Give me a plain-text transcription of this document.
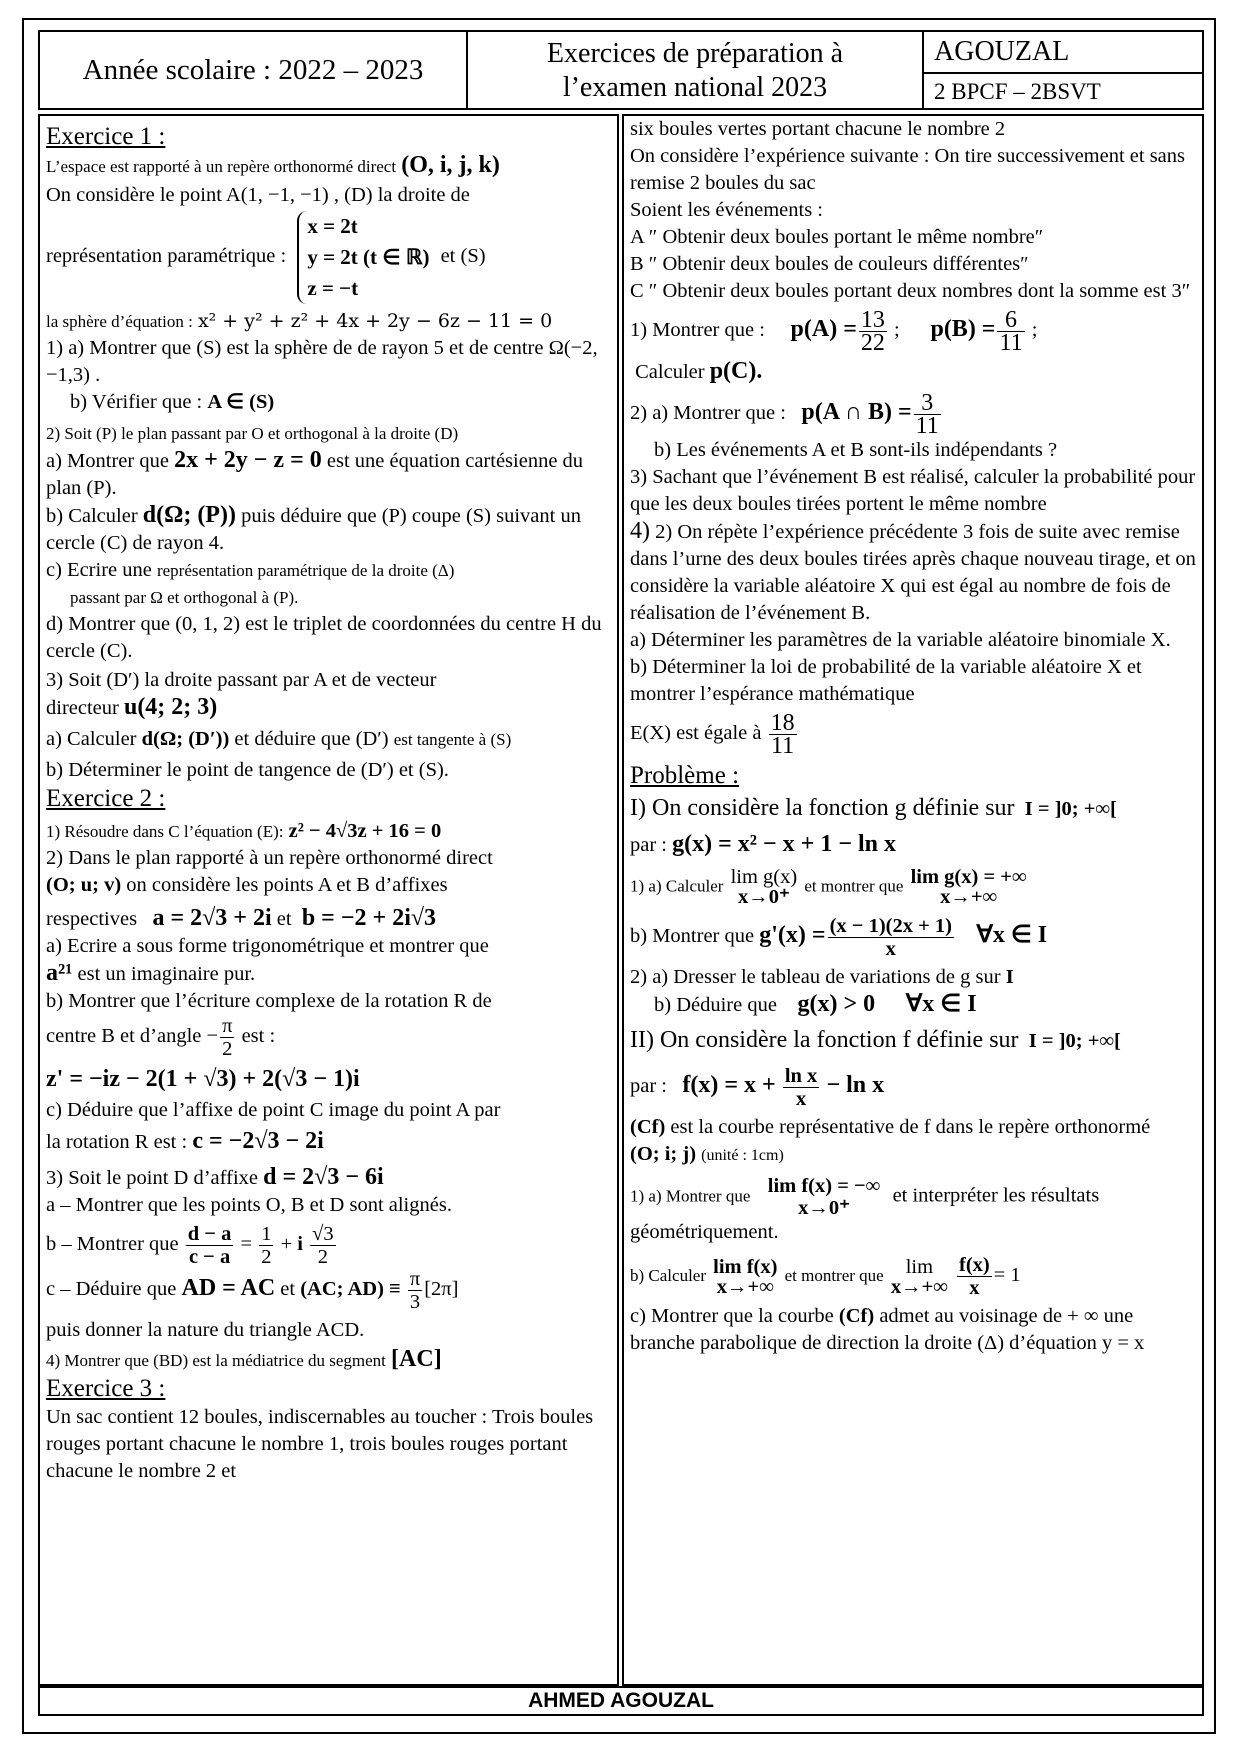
Année scolaire : 2022 – 2023	Exercices de préparation à
l’examen national 2023
AGOUZAL
2 BPCF – 2BSVT

Exercice 1 :

L’espace est rapporté à un repère orthonormé direct (O, i, j, k)

On considère le point A(1, −1, −1) , (D) la droite de

représentation paramétrique : x = 2t
y = 2t (t ∈ ℝ)
z = −t et (S)

la sphère d’équation : x² + y² + z² + 4x + 2y − 6z − 11 = 0

1) a) Montrer que (S) est la sphère de de rayon 5 et de centre Ω(−2, −1,3) .

b) Vérifier que : A ∈ (S)

2) Soit (P) le plan passant par O et orthogonal à la droite (D)

a) Montrer que 2x + 2y − z = 0 est une équation cartésienne du plan (P).

b) Calculer d(Ω; (P)) puis déduire que (P) coupe (S) suivant un cercle (C) de rayon 4.

c) Ecrire une représentation paramétrique de la droite (Δ)

passant par Ω et orthogonal à (P).

d) Montrer que (0, 1, 2) est le triplet de coordonnées du centre H du cercle (C).

3) Soit (D′) la droite passant par A et de vecteur

directeur u(4; 2; 3)

a) Calculer d(Ω; (D′)) et déduire que (D′) est tangente à (S)

b) Déterminer le point de tangence de (D′) et (S).

Exercice 2 :

1) Résoudre dans C l’équation (E): z² − 4√3z + 16 = 0

2) Dans le plan rapporté à un repère orthonormé direct

(O; u; v) on considère les points A et B d’affixes

respectives a = 2√3 + 2i et b = −2 + 2i√3

a) Ecrire a sous forme trigonométrique et montrer que

a²¹ est un imaginaire pur.

b) Montrer que l’écriture complexe de la rotation R de

centre B et d’angle − $\frac{\pi}{2}$ est :

z' = −iz − 2(1 + √3) + 2(√3 − 1)i

c) Déduire que l’affixe de point C image du point A par

la rotation R est : c = −2√3 − 2i

3) Soit le point D d’affixe d = 2√3 − 6i

a – Montrer que les points O, B et D sont alignés.

b – Montrer que $\frac{d - a}{c - a} = \frac{1}{2} + i \frac{√3}{2}$

c – Déduire que AD = AC et (AC; $AD) \equiv \frac{\pi}{3} [2\pi]$

puis donner la nature du triangle ACD.

4) Montrer que (BD) est la médiatrice du segment [AC]

Exercice 3 :

Un sac contient 12 boules, indiscernables au toucher : Trois boules rouges portant chacune le nombre 1, trois boules rouges portant chacune le nombre 2 et

six boules vertes portant chacune le nombre 2

On considère l’expérience suivante : On tire successivement et sans remise 2 boules du sac

Soient les événements :

A ″ Obtenir deux boules portant le même nombre″

B ″ Obtenir deux boules de couleurs différentes″

C ″ Obtenir deux boules portant deux nombres dont la somme est 3″

1) Montrer que : $p(A) = \frac{13}{22}$ ; $p(B) = \frac{6}{11}$ ;

Calculer p(C).

2) a) Montrer que : p(A ∩ $B) = \frac{3}{11}$

b) Les événements A et B sont-ils indépendants ?

3) Sachant que l’événement B est réalisé, calculer la probabilité pour que les deux boules tirées portent le même nombre

4) 2) On répète l’expérience précédente 3 fois de suite avec remise dans l’urne des deux boules tirées après chaque nouveau tirage, et on considère la variable aléatoire X qui est égal au nombre de fois de réalisation de l’événement B.

a) Déterminer les paramètres de la variable aléatoire binomiale X.

b) Déterminer la loi de probabilité de la variable aléatoire X et montrer l’espérance mathématique

E(X) est égale à $\frac{18}{11}$

Problème :

I) On considère la fonction g définie sur I = ]0; +∞[

par : g(x) = x² − x + 1 − ln x

1) a) Calculer lim g(x)
x→0⁺ et montrer que lim g(x) = +∞
x→+∞

b) Montrer que $g'(x) = \frac{(x - 1)(2x + 1)}{x}$ ∀x ∈ I

2) a) Dresser le tableau de variations de g sur I

b) Déduire que g(x) > 0 ∀x ∈ I

II) On considère la fonction f définie sur I = ]0; +∞[

par : $f(x) = x + \frac{\text{ln x}}{x} - \ln x$

(Cf) est la courbe représentative de f dans le repère orthonormé

(O; i; j) (unité : 1cm)

1) a) Montrer que lim f(x) = −∞
x→0⁺
et interpréter les résultats géométriquement.

b) Calculer lim f(x)
x→+∞ et montrer que	lim
x→+∞
$\frac{f(x)}{x} = 1$

c) Montrer que la courbe (Cf) admet au voisinage de + ∞ une branche parabolique de direction la droite (Δ) d’équation y = x

AHMED AGOUZAL
